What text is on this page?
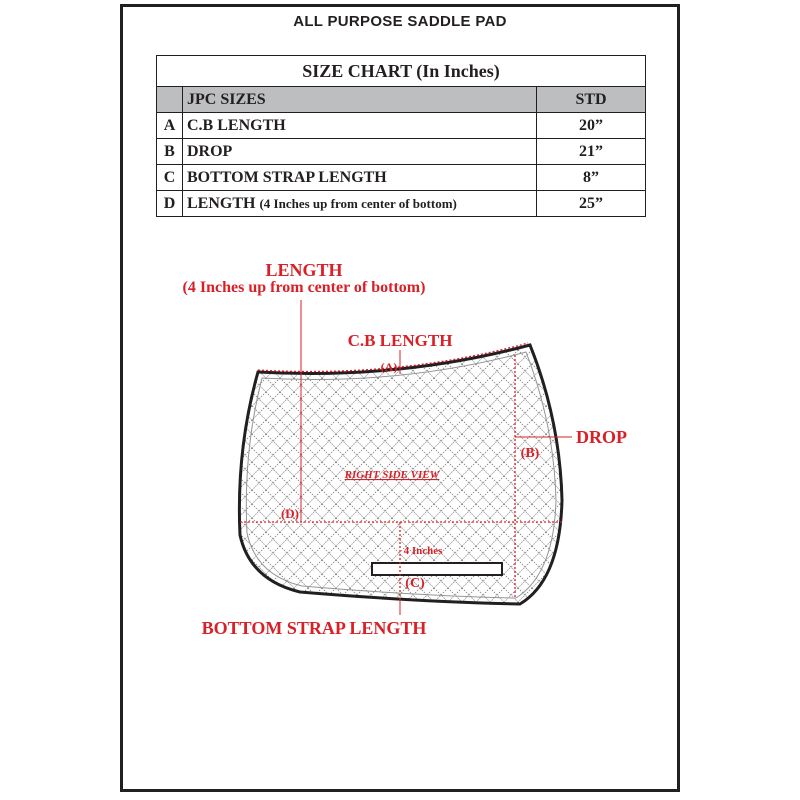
ALL PURPOSE SADDLE PAD
SIZE CHART (In Inches)		
	JPC SIZES	STD
A	C.B LENGTH	20”
B	DROP	21”
C	BOTTOM STRAP LENGTH	8”
D	LENGTH (4 Inches up from center of bottom)	25”
LENGTH
(4 Inches up from center of bottom)
C.B LENGTH
(A)
DROP
(B)
RIGHT SIDE VIEW
(D)
4 Inches
(C)
BOTTOM STRAP LENGTH
